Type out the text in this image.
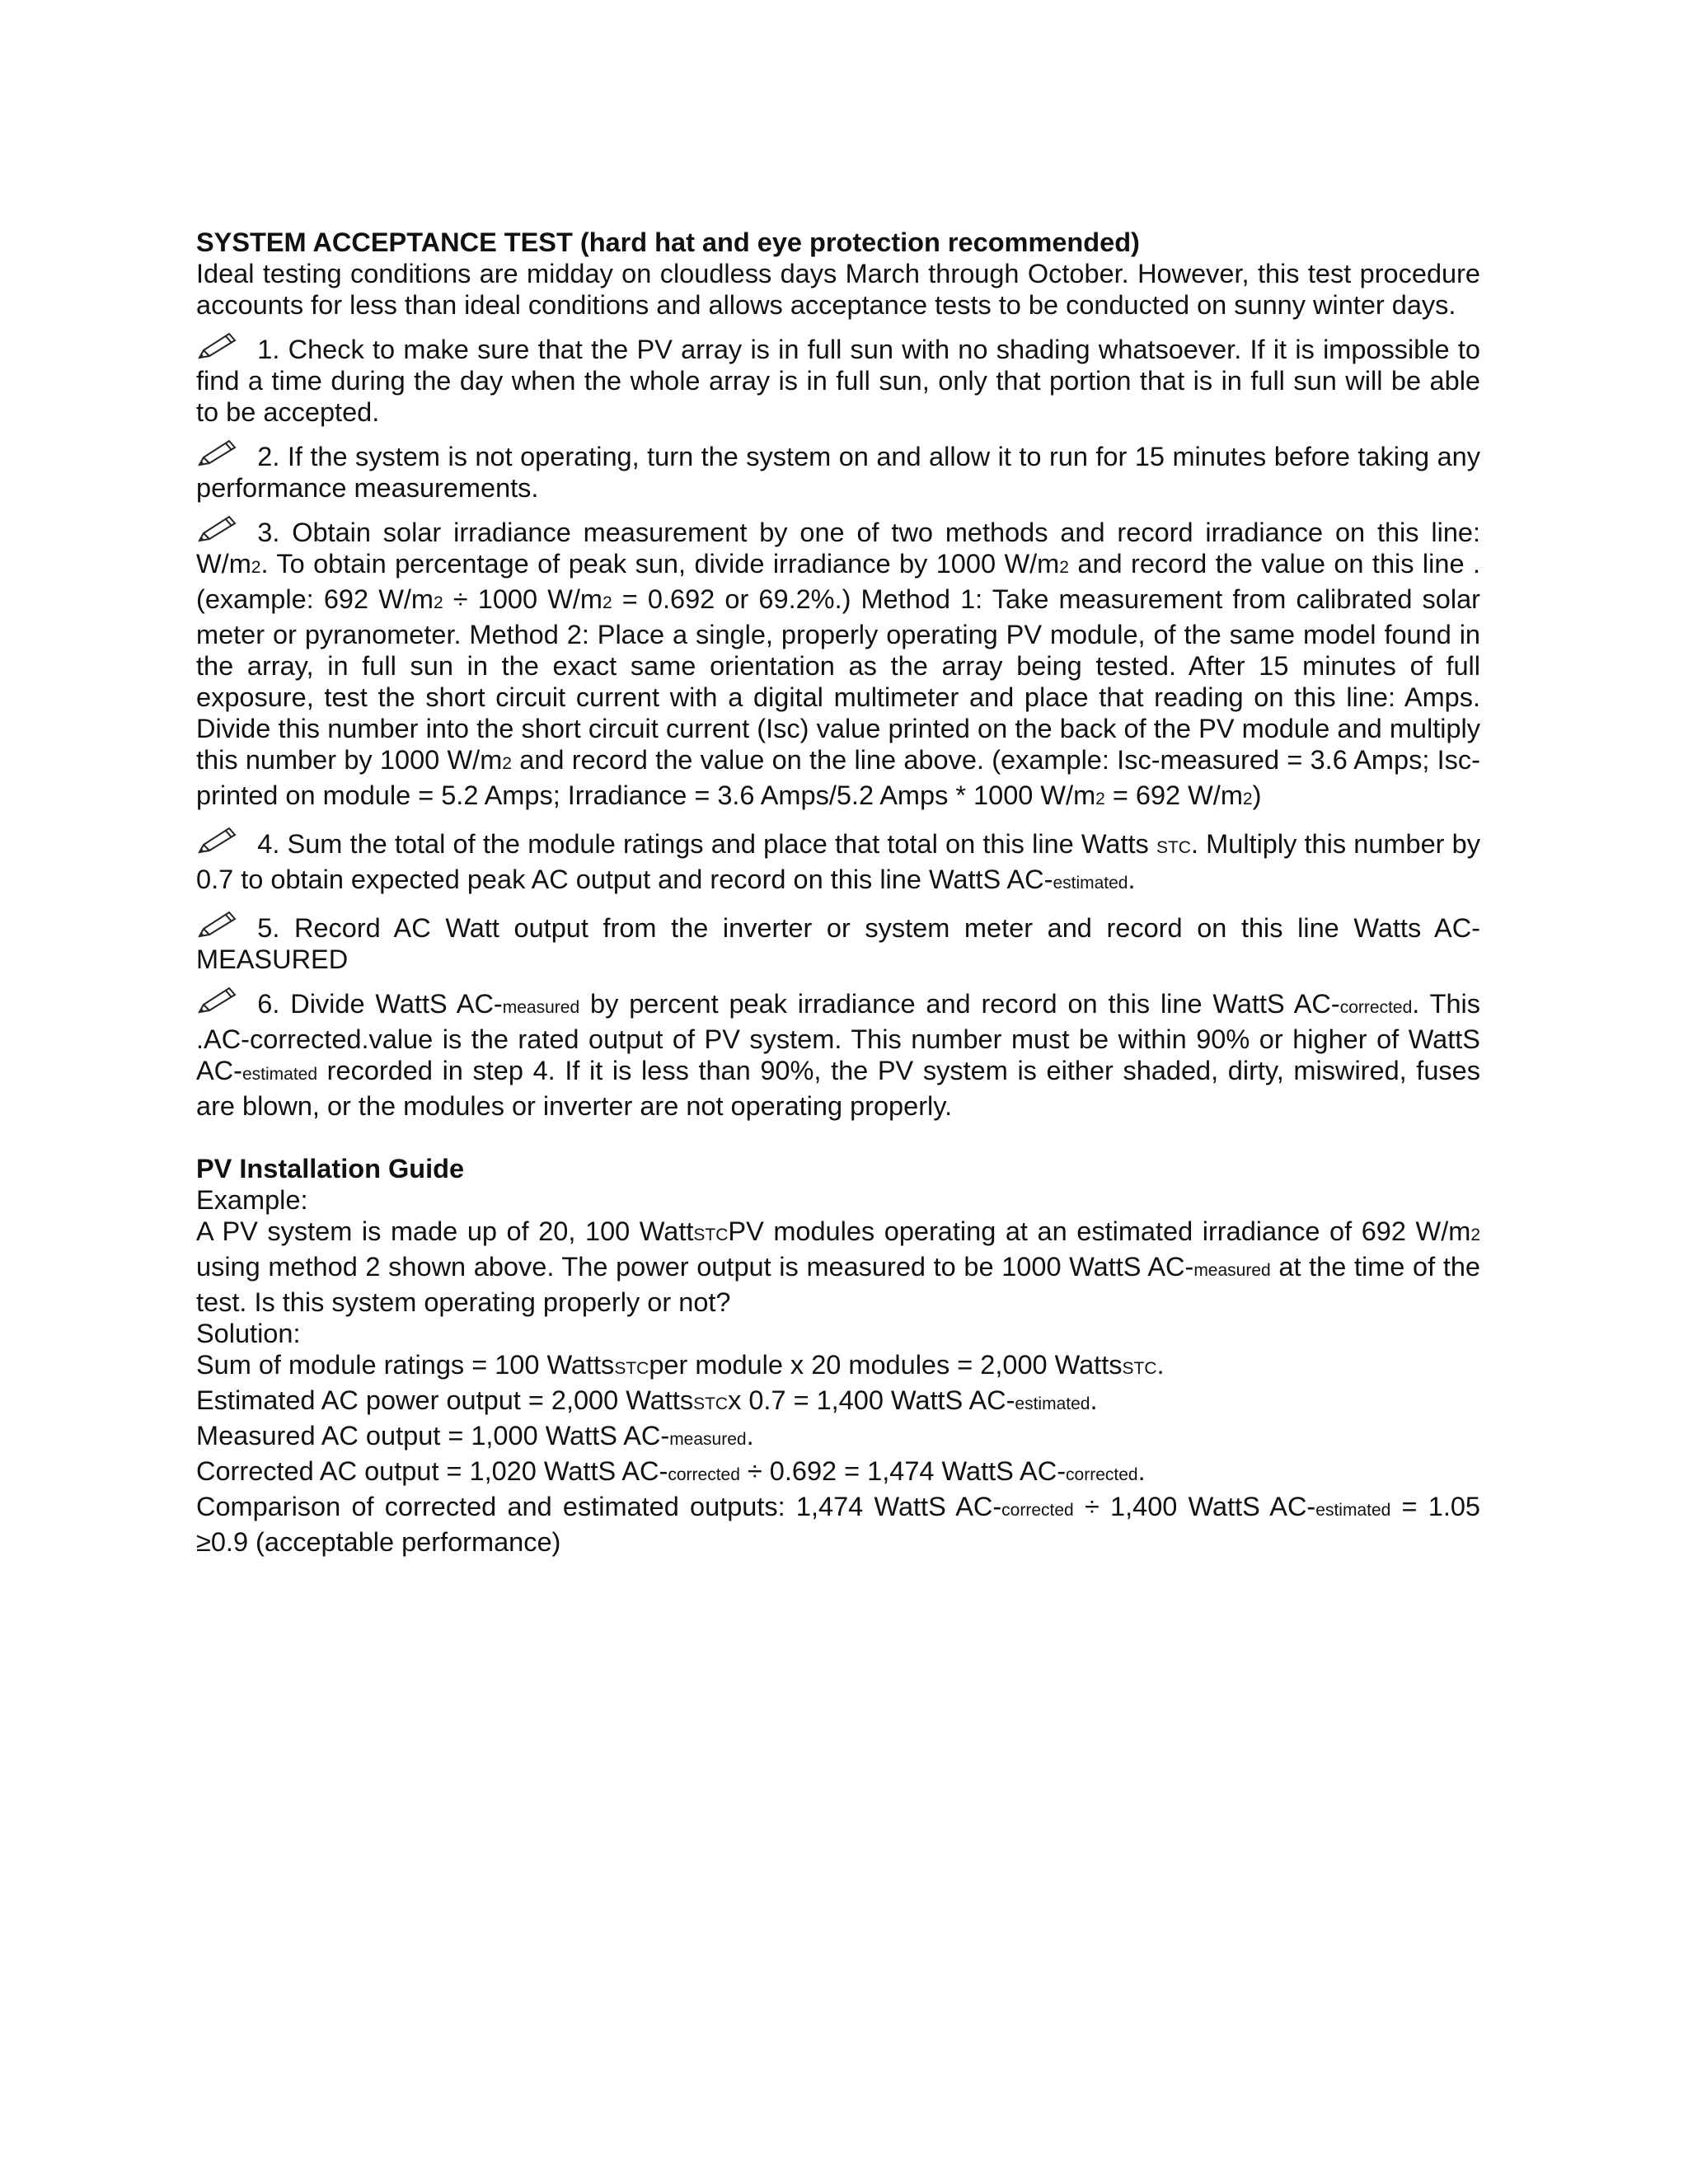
SYSTEM ACCEPTANCE TEST (hard hat and eye protection recommended)

Ideal testing conditions are midday on cloudless days March through October. However, this test procedure accounts for less than ideal conditions and allows acceptance tests to be conducted on sunny winter days.

1. Check to make sure that the PV array is in full sun with no shading whatsoever. If it is impossible to find a time during the day when the whole array is in full sun, only that portion that is in full sun will be able to be accepted.

2. If the system is not operating, turn the system on and allow it to run for 15 minutes before taking any performance measurements.

3. Obtain solar irradiance measurement by one of two methods and record irradiance on this line: W/m2. To obtain percentage of peak sun, divide irradiance by 1000 W/m2 and record the value on this line . (example: 692 W/m2 ÷ 1000 W/m2 = 0.692 or 69.2%.) Method 1: Take measurement from calibrated solar meter or pyranometer. Method 2: Place a single, properly operating PV module, of the same model found in the array, in full sun in the exact same orientation as the array being tested. After 15 minutes of full exposure, test the short circuit current with a digital multimeter and place that reading on this line: Amps. Divide this number into the short circuit current (Isc) value printed on the back of the PV module and multiply this number by 1000 W/m2 and record the value on the line above. (example: Isc-measured = 3.6 Amps; Isc-printed on module = 5.2 Amps; Irradiance = 3.6 Amps/5.2 Amps * 1000 W/m2 = 692 W/m2)

4. Sum the total of the module ratings and place that total on this line Watts STC. Multiply this number by 0.7 to obtain expected peak AC output and record on this line WattS AC-estimated.

5. Record AC Watt output from the inverter or system meter and record on this line Watts AC-MEASURED

6. Divide WattS AC-measured by percent peak irradiance and record on this line WattS AC-corrected. This .AC-corrected.value is the rated output of PV system. This number must be within 90% or higher of WattS AC-estimated recorded in step 4. If it is less than 90%, the PV system is either shaded, dirty, miswired, fuses are blown, or the modules or inverter are not operating properly.

PV Installation Guide

Example:

A PV system is made up of 20, 100 WattSTCPV modules operating at an estimated irradiance of 692 W/m2 using method 2 shown above. The power output is measured to be 1000 WattS AC-measured at the time of the test. Is this system operating properly or not?

Solution:

Sum of module ratings = 100 WattsSTCper module x 20 modules = 2,000 WattsSTC.

Estimated AC power output = 2,000 WattsSTCx 0.7 = 1,400 WattS AC-estimated.

Measured AC output = 1,000 WattS AC-measured.

Corrected AC output = 1,020 WattS AC-corrected ÷ 0.692 = 1,474 WattS AC-corrected.

Comparison of corrected and estimated outputs: 1,474 WattS AC-corrected ÷ 1,400 WattS AC-estimated = 1.05 ≥0.9 (acceptable performance)
